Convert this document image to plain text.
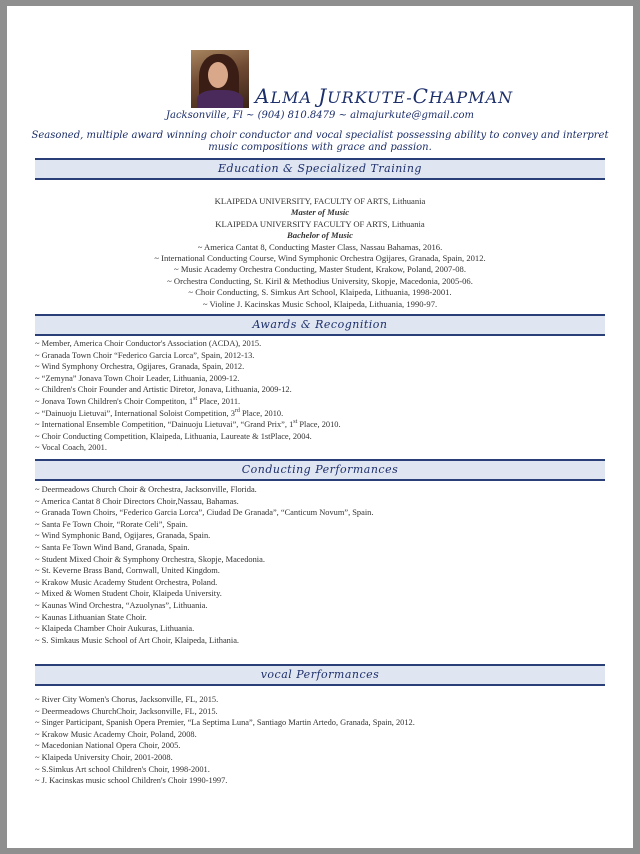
ALMA JURKUTE-CHAPMAN
Jacksonville, Fl ~ (904) 810.8479 ~ almajurkute@gmail.com
Seasoned, multiple award winning choir conductor and vocal specialist possessing ability to convey and interpret music compositions with grace and passion.
Education & Specialized Training
KLAIPEDA UNIVERSITY, FACULTY OF ARTS, Lithuania
Master of Music
KLAIPEDA UNIVERSITY FACULTY OF ARTS, Lithuania
Bachelor of Music
~ America Cantat 8, Conducting Master Class, Nassau Bahamas, 2016.
~ International Conducting Course, Wind Symphonic Orchestra Ogijares, Granada, Spain, 2012.
~ Music Academy Orchestra Conducting, Master Student, Krakow, Poland, 2007-08.
~ Orchestra Conducting, St. Kiril & Methodius University, Skopje, Macedonia, 2005-06.
~ Choir Conducting, S. Simkus Art School, Klaipeda, Lithuania, 1998-2001.
~ Violine J. Kacinskas Music School, Klaipeda, Lithuania, 1990-97.
Awards & Recognition
~ Member, America Choir Conductor's Association (ACDA), 2015.
~ Granada Town Choir “Federico Garcia Lorca”, Spain, 2012-13.
~ Wind Symphony Orchestra, Ogijares, Granada, Spain, 2012.
~ “Zemyna” Jonava Town Choir Leader, Lithuania, 2009-12.
~ Children's Choir Founder and Artistic Diretor, Jonava, Lithuania, 2009-12.
~ Jonava Town Children's Choir Competiton, 1st Place, 2011.
~ “Dainuoju Lietuvai”, International Soloist Competition, 3rd Place, 2010.
~ International Ensemble Competition, “Dainuoju Lietuvai”, “Grand Prix”, 1st Place, 2010.
~ Choir Conducting Competition, Klaipeda, Lithuania, Laureate & 1stPlace, 2004.
~ Vocal Coach, 2001.
Conducting Performances
~ Deermeadows Church Choir & Orchestra, Jacksonville, Florida.
~ America Cantat 8 Choir Directors Choir,Nassau, Bahamas.
~ Granada Town Choirs, “Federico Garcia Lorca”, Ciudad De Granada”, “Canticum Novum”, Spain.
~ Santa Fe Town Choir, “Rorate Celi”, Spain.
~ Wind Symphonic Band, Ogijares, Granada, Spain.
~ Santa Fe Town Wind Band, Granada, Spain.
~ Student Mixed Choir & Symphony Orchestra, Skopje, Macedonia.
~ St. Keverne Brass Band, Cornwall, United Kingdom.
~ Krakow Music Academy Student Orchestra, Poland.
~ Mixed & Women Student Choir, Klaipeda University.
~ Kaunas Wind Orchestra, “Azuolynas”, Lithuania.
~ Kaunas Lithuanian State Choir.
~ Klaipeda Chamber Choir Aukuras, Lithuania.
~ S. Simkaus Music School of Art Choir, Klaipeda, Lithania.
vocal Performances
~ River City Women's Chorus, Jacksonville, FL, 2015.
~ Deermeadows ChurchChoir, Jacksonville, FL, 2015.
~ Singer Participant, Spanish Opera Premier, “La Septima Luna”, Santiago Martin Artedo, Granada, Spain, 2012.
~ Krakow Music Academy Choir, Poland, 2008.
~ Macedonian National Opera Choir, 2005.
~ Klaipeda University Choir, 2001-2008.
~ S.Simkus Art school Children's Choir, 1998-2001.
~ J. Kacinskas music school Children's Choir 1990-1997.
